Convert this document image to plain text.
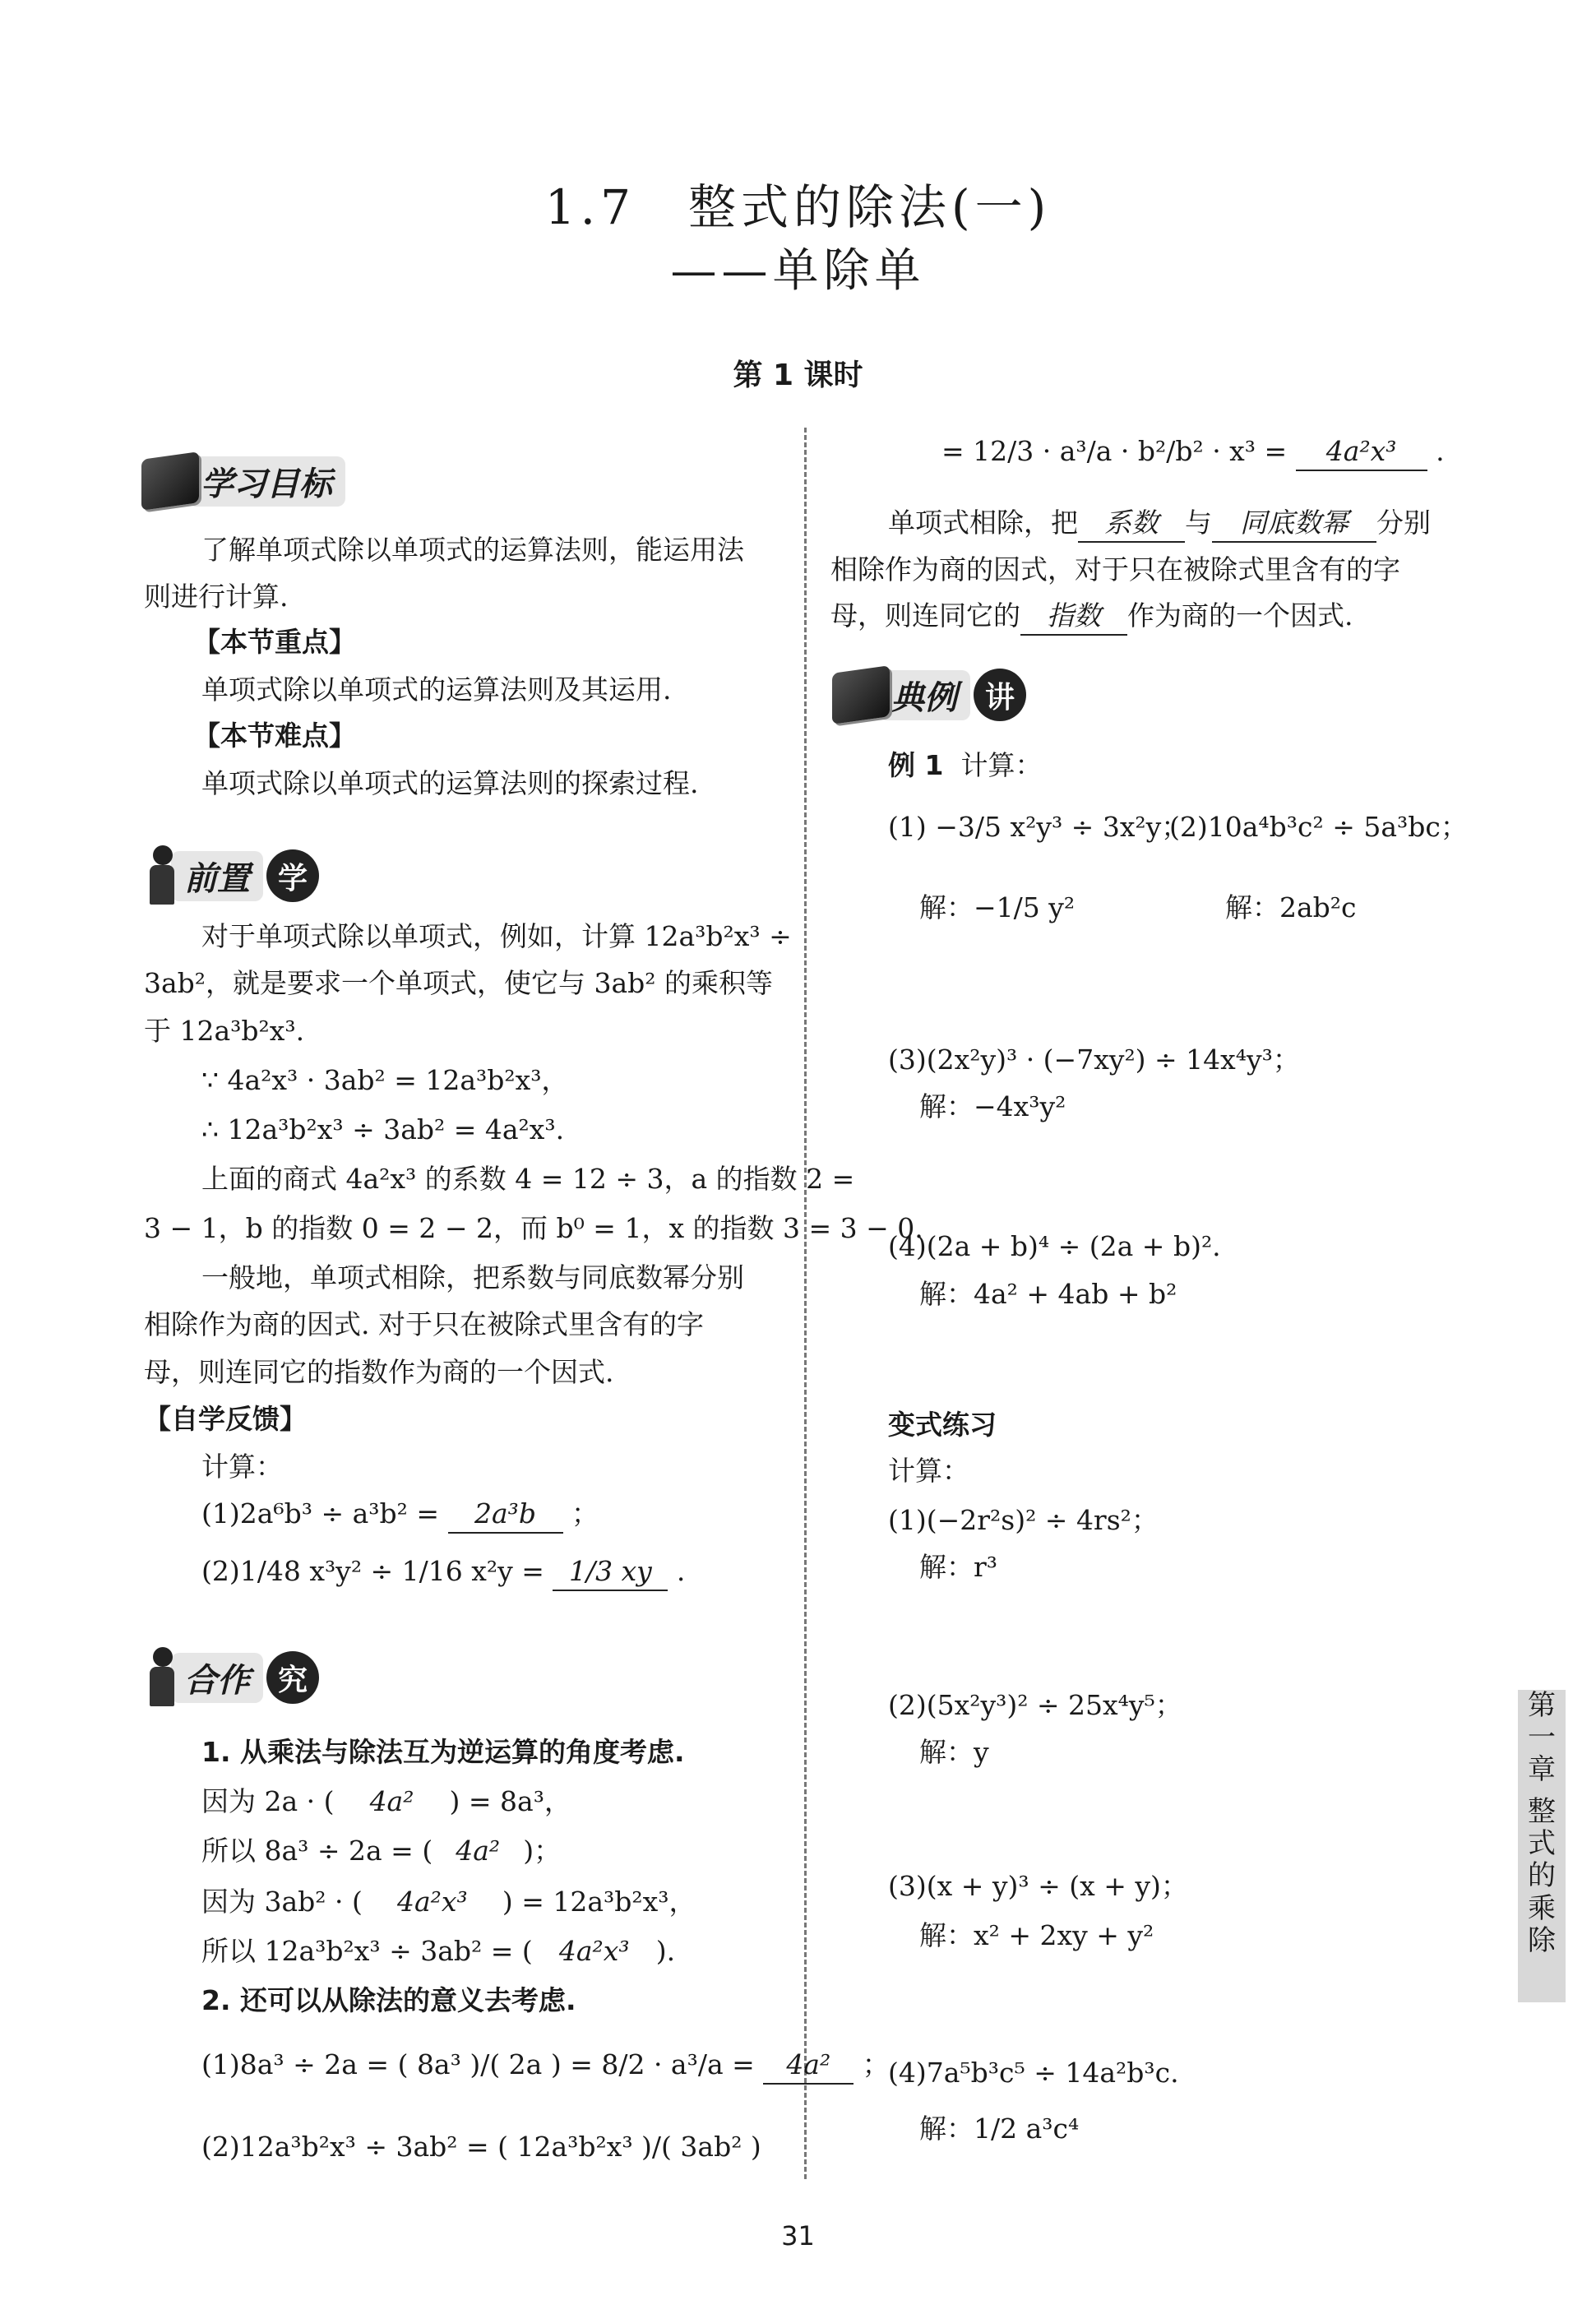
1.7　整式的除法(一)
——单除单
第 1 课时
学习目标
了解单项式除以单项式的运算法则，能运用法
则进行计算.
【本节重点】
单项式除以单项式的运算法则及其运用.
【本节难点】
单项式除以单项式的运算法则的探索过程.
前置 学
对于单项式除以单项式，例如，计算 12a³b²x³ ÷
3ab²，就是要求一个单项式，使它与 3ab² 的乘积等
于 12a³b²x³.
∵ 4a²x³ · 3ab² = 12a³b²x³，
∴ 12a³b²x³ ÷ 3ab² = 4a²x³.
上面的商式 4a²x³ 的系数 4 = 12 ÷ 3，a 的指数 2 =
3 − 1，b 的指数 0 = 2 − 2，而 b⁰ = 1，x 的指数 3 = 3 − 0.
一般地，单项式相除，把系数与同底数幂分别
相除作为商的因式. 对于只在被除式里含有的字
母，则连同它的指数作为商的一个因式.
【自学反馈】
计算：
(1)2a⁶b³ ÷ a³b² = 2a³b ；
(2)1/48 x³y² ÷ 1/16 x²y = 1/3 xy .
合作 究
1. 从乘法与除法互为逆运算的角度考虑.
因为 2a · ( 4a² ) = 8a³，
所以 8a³ ÷ 2a = ( 4a² )；
因为 3ab² · ( 4a²x³ ) = 12a³b²x³，
所以 12a³b²x³ ÷ 3ab² = ( 4a²x³ ).
2. 还可以从除法的意义去考虑.
(1)8a³ ÷ 2a = ( 8a³ )/( 2a ) = 8/2 · a³/a = 4a² ；
(2)12a³b²x³ ÷ 3ab² = ( 12a³b²x³ )/( 3ab² )
= 12/3 · a³/a · b²/b² · x³ = 4a²x³ .
单项式相除，把 系数 与 同底数幂 分别
相除作为商的因式，对于只在被除式里含有的字
母，则连同它的 指数 作为商的一个因式.
典例 讲
例 1 计算：
(1) −3/5 x²y³ ÷ 3x²y；
(2)10a⁴b³c² ÷ 5a³bc；
解：−1/5 y²	解：2ab²c
(3)(2x²y)³ · (−7xy²) ÷ 14x⁴y³；
解：−4x³y²
(4)(2a + b)⁴ ÷ (2a + b)².
解：4a² + 4ab + b²
变式练习
计算：
(1)(−2r²s)² ÷ 4rs²；
解：r³
(2)(5x²y³)² ÷ 25x⁴y⁵；
解：y
(3)(x + y)³ ÷ (x + y)；
解：x² + 2xy + y²
(4)7a⁵b³c⁵ ÷ 14a²b³c.
解：1/2 a³c⁴
第
一
章
整
式
的
乘
除
31
